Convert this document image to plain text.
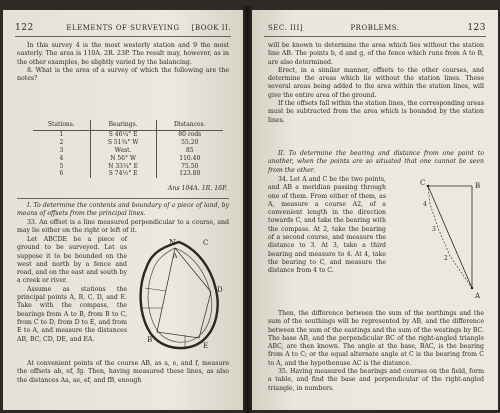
122	ELEMENTS OF SURVEYING	[BOOK II.

In this survey 4 is the most westerly station and 9 the most easterly. The area is 110A. 2R. 23P. The result may, however, as in the other examples, be slightly varied by the balancing.

8. What is the area of a survey of which the following are the notes?

Stations.	Bearings.	Distances.
1	S 46¼° E	80 rods
2	S 51¾° W	55.20
3	West.	85
4	N 56° W	110.40
5	N 33¼° E	75.50
6	S 74½° E	123.80
Ans 104A. 1R. 16P.

I. To determine the contents and boundary of a piece of land, by means of offsets from the principal lines.

33. An offset is a line measured perpendicular to a course, and may lie either on the right or left of it.

Let ABCDE be a piece of ground to be surveyed. Let us suppose it to be bounded on the west and north by a fence and road, and on the east and south by a creek or river.

Assume as stations the principal points A, B, C, D, and E. Take with the compass, the bearings from A to B, from B to C, from C to D, from D to E, and from E to A, and measure the distances AB, BC, CD, DE, and EA.

N	C
D
B
E
A

At convenient points of the course AB, as a, e, and f, measure the offsets ab, ef, fg. Then, having measured these lines, as also the distances Aa, ae, ef, and fB, enough

SEC. III]	PROBLEMS.	123

will be known to determine the area which lies without the station line AB. The points b, d and g, of the fence which runs from A to B, are also determined.

Erect, in a similar manner, offsets to the other courses, and determine the areas which lie without the station lines. These several areas being added to the area within the station lines, will give the entire area of the ground.

If the offsets fall within the station lines, the corresponding areas must be subtracted from the area which is bounded by the station lines.

II. To determine the bearing and distance from one point to another, when the points are so situated that one cannot be seen from the other.

34. Let A and C be the two points, and AB a meridian passing through one of them. From either of them, as A, measure a course A2, of a convenient length in the direction towards C, and take the bearing with the compass. At 2, take the bearing of a second course, and measure the distance to 3. At 3, take a third bearing and measure to 4. At 4, take the bearing to C, and measure the distance from 4 to C.

C	B
2
3
4
A

Then, the difference between the sum of the northings and the sum of the southings will be represented by AB, and the difference between the sum of the eastings and the sum of the westings by BC. The base AB, and the perpendicular BC of the right-angled triangle ABC, are then known. The angle at the base, BAC, is the bearing from A to C; or the equal alternate angle at C is the bearing from C to A, and the hypothenuse AC is the distance.

35. Having measured the bearings and courses on the field, form a table, and find the base and perpendicular of the right-angled triangle, in numbers.
